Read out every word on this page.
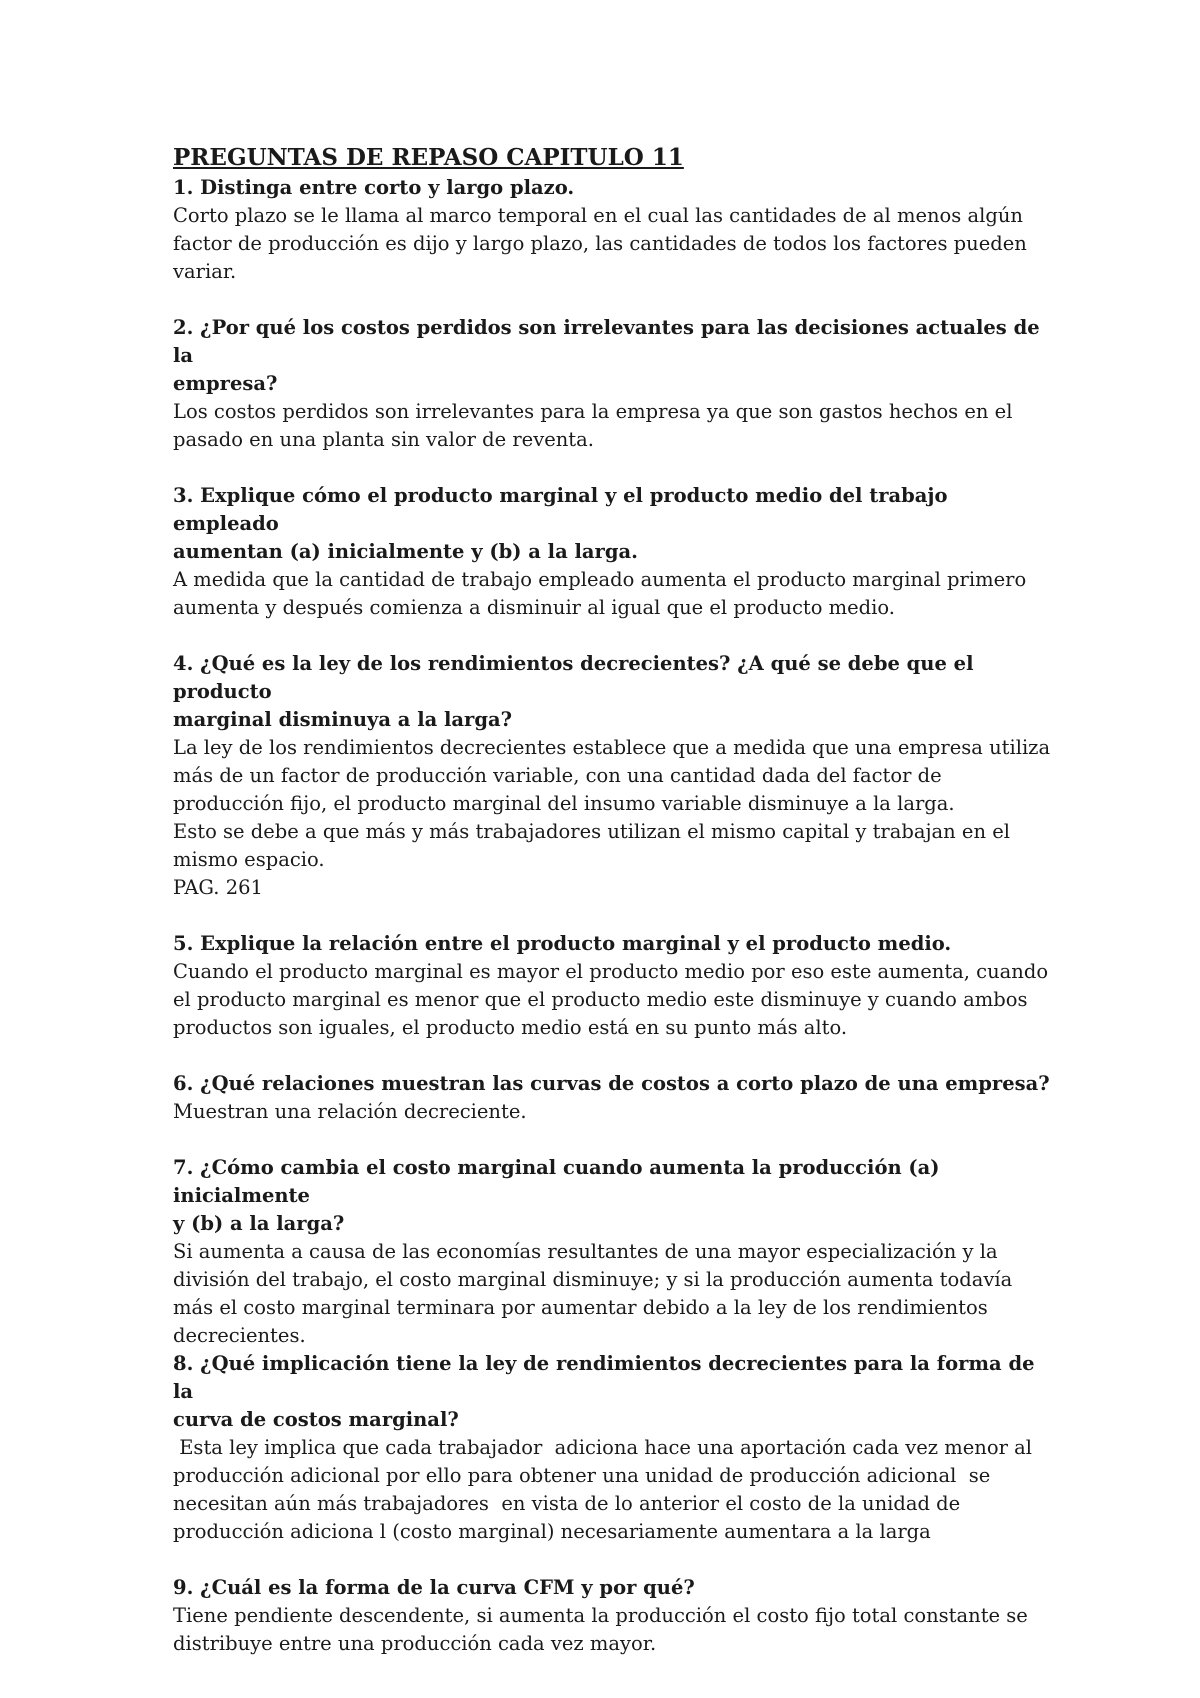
PREGUNTAS DE REPASO CAPITULO 11

1. Distinga entre corto y largo plazo.

Corto plazo se le llama al marco temporal en el cual las cantidades de al menos algún
factor de producción es dijo y largo plazo, las cantidades de todos los factores pueden
variar.

2. ¿Por qué los costos perdidos son irrelevantes para las decisiones actuales de la
empresa?

Los costos perdidos son irrelevantes para la empresa ya que son gastos hechos en el
pasado en una planta sin valor de reventa.

3. Explique cómo el producto marginal y el producto medio del trabajo empleado
aumentan (a) inicialmente y (b) a la larga.

A medida que la cantidad de trabajo empleado aumenta el producto marginal primero
aumenta y después comienza a disminuir al igual que el producto medio.

4. ¿Qué es la ley de los rendimientos decrecientes? ¿A qué se debe que el producto
marginal disminuya a la larga?

La ley de los rendimientos decrecientes establece que a medida que una empresa utiliza
más de un factor de producción variable, con una cantidad dada del factor de
producción fijo, el producto marginal del insumo variable disminuye a la larga.
Esto se debe a que más y más trabajadores utilizan el mismo capital y trabajan en el
mismo espacio.
PAG. 261

5. Explique la relación entre el producto marginal y el producto medio.

Cuando el producto marginal es mayor el producto medio por eso este aumenta, cuando
el producto marginal es menor que el producto medio este disminuye y cuando ambos
productos son iguales, el producto medio está en su punto más alto.

6. ¿Qué relaciones muestran las curvas de costos a corto plazo de una empresa?

Muestran una relación decreciente.

7. ¿Cómo cambia el costo marginal cuando aumenta la producción (a) inicialmente
y (b) a la larga?

Si aumenta a causa de las economías resultantes de una mayor especialización y la
división del trabajo, el costo marginal disminuye; y si la producción aumenta todavía
más el costo marginal terminara por aumentar debido a la ley de los rendimientos
decrecientes.

8. ¿Qué implicación tiene la ley de rendimientos decrecientes para la forma de la
curva de costos marginal?

Esta ley implica que cada trabajador  adiciona hace una aportación cada vez menor al
producción adicional por ello para obtener una unidad de producción adicional  se
necesitan aún más trabajadores  en vista de lo anterior el costo de la unidad de
producción adiciona l (costo marginal) necesariamente aumentara a la larga

9. ¿Cuál es la forma de la curva CFM y por qué?

Tiene pendiente descendente, si aumenta la producción el costo fijo total constante se
distribuye entre una producción cada vez mayor.
